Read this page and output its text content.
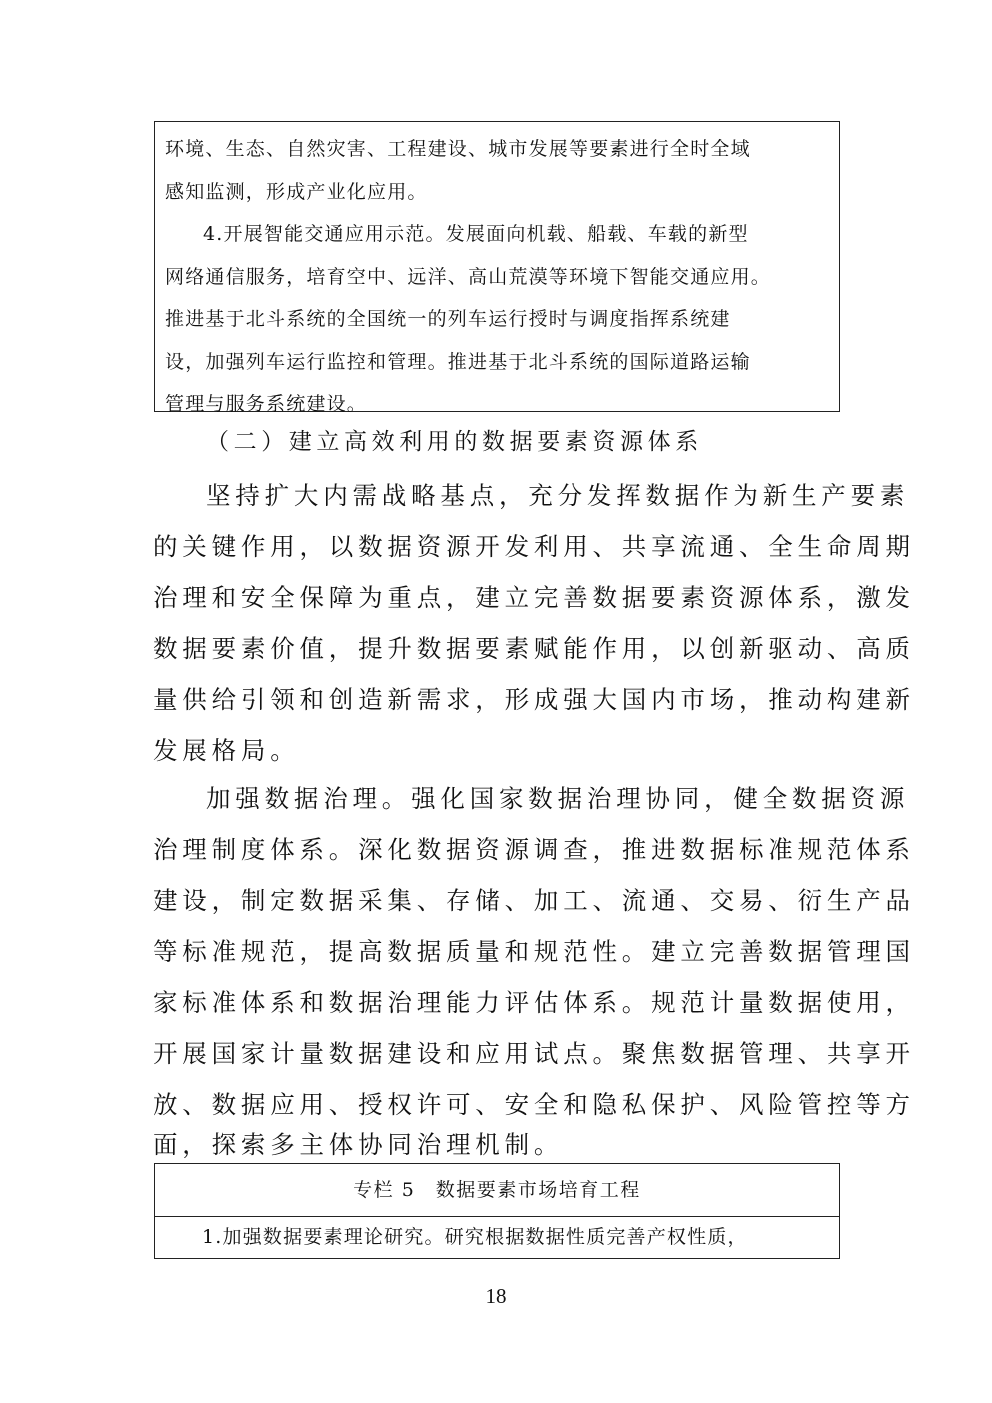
环境、生态、自然灾害、工程建设、城市发展等要素进行全时全域
感知监测，形成产业化应用。
4.开展智能交通应用示范。发展面向机载、船载、车载的新型
网络通信服务，培育空中、远洋、高山荒漠等环境下智能交通应用。
推进基于北斗系统的全国统一的列车运行授时与调度指挥系统建
设，加强列车运行监控和管理。推进基于北斗系统的国际道路运输
管理与服务系统建设。
（二）建立高效利用的数据要素资源体系
坚持扩大内需战略基点，充分发挥数据作为新生产要素
的关键作用，以数据资源开发利用、共享流通、全生命周期
治理和安全保障为重点，建立完善数据要素资源体系，激发
数据要素价值，提升数据要素赋能作用，以创新驱动、高质
量供给引领和创造新需求，形成强大国内市场，推动构建新
发展格局。
加强数据治理。强化国家数据治理协同，健全数据资源
治理制度体系。深化数据资源调查，推进数据标准规范体系
建设，制定数据采集、存储、加工、流通、交易、衍生产品
等标准规范，提高数据质量和规范性。建立完善数据管理国
家标准体系和数据治理能力评估体系。规范计量数据使用，
开展国家计量数据建设和应用试点。聚焦数据管理、共享开
放、数据应用、授权许可、安全和隐私保护、风险管控等方
面，探索多主体协同治理机制。
专栏 5　数据要素市场培育工程
1.加强数据要素理论研究。研究根据数据性质完善产权性质，
18
